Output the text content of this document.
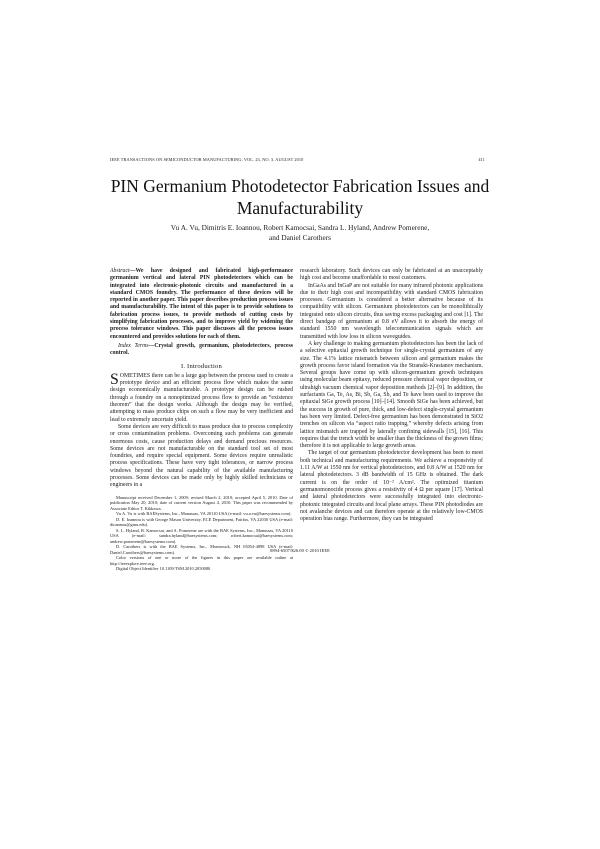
IEEE TRANSACTIONS ON SEMICONDUCTOR MANUFACTURING, VOL. 23, NO. 3, AUGUST 2010	411
PIN Germanium Photodetector Fabrication Issues and Manufacturability
Vu A. Vu, Dimitris E. Ioannou, Robert Kamocsai, Sandra L. Hyland, Andrew Pomerene,
and Daniel Carothers

Abstract—We have designed and fabricated high-performance germanium vertical and lateral PIN photodetectors which can be integrated into electronic-photonic circuits and manufactured in a standard CMOS foundry. The performance of these devices will be reported in another paper. This paper describes production process issues and manufacturability. The intent of this paper is to provide solutions to fabrication process issues, to provide methods of cutting costs by simplifying fabrication processes, and to improve yield by widening the process tolerance windows. This paper discusses all the process issues encountered and provides solutions for each of them.

Index Terms—Crystal growth, germanium, photodetectors, process control.

I. Introduction

SOMETIMES there can be a large gap between the process used to create a prototype device and an efficient process flow which makes the same design economically manufacturable. A prototype design can be rushed through a foundry on a nonoptimized process flow to provide an “existence theorem” that the design works. Although the design may be verified, attempting to mass produce chips on such a flow may be very inefficient and lead to extremely uncertain yield.

Some devices are very difficult to mass produce due to process complexity or cross contamination problems. Overcoming such problems can generate enormous costs, cause production delays and demand precious resources. Some devices are not manufacturable on the standard tool set of most foundries, and require special equipment. Some devices require unrealistic process specifications. These have very tight tolerances, or narrow process windows beyond the natural capability of the available manufacturing processes. Some devices can be made only by highly skilled technicians or engineers in a

Manuscript received December 1, 2009; revised March 2, 2010; accepted April 5, 2010. Date of publication May 20, 2010; date of current version August 4, 2010. This paper was recommended by Associate Editor T. Kikkawa.

Vu A. Vu is with BAESystems, Inc., Manassas, VA 20110 USA (e-mail: vu.a.vu@baesystems.com).

D. E. Ioannou is with George Mason University, ECE Department, Fairfax, VA 22030 USA (e-mail: dioannou@gmu.edu).

S. L. Hyland, R. Kamocsai, and A. Pomerene are with the BAE Systems, Inc., Manassas, VA 20110 USA (e-mail: sandra.hyland@baesystems.com; robert.kamocsai@baesystems.com; andrew.pomerene@baesystems.com).

D. Carothers is with the BAE Systems, Inc., Montrouck, NH 03054-4898 USA (e-mail: Daniel.Carothers@baesystems.com).

Color versions of one or more of the figures in this paper are available online at http://ieeexplore.ieee.org.

Digital Object Identifier 10.1109/TSM.2010.2050080

research laboratory. Such devices can only be fabricated at an unacceptably high cost and become unaffordable to most customers.

InGaAs and InGaP are not suitable for many infrared photonic applications due to their high cost and incompatibility with standard CMOS fabrication processes. Germanium is considered a better alternative because of its compatibility with silicon. Germanium photodetectors can be monolithically integrated onto silicon circuits, thus saving excess packaging and cost [1]. The direct bandgap of germanium at 0.8 eV allows it to absorb the energy of standard 1550 nm wavelength telecommunication signals which are transmitted with low loss in silicon waveguides.

A key challenge to making germanium photodetectors has been the lack of a selective epitaxial growth technique for single-crystal germanium of any size. The 4.1% lattice mismatch between silicon and germanium makes the growth process favor island formation via the Stranski-Krastanov mechanism. Several groups have come up with silicon-germanium growth techniques using molecular beam epitaxy, reduced pressure chemical vapor deposition, or ultrahigh vacuum chemical vapor deposition methods [2]–[9]. In addition, the surfactants Ga, Te, As, Bi, Sb, Ga, Sb, and Te have been used to improve the epitaxial SiGe growth process [10]–[14]. Smooth SiGe has been achieved, but the success in growth of pure, thick, and low-defect single-crystal germanium has been very limited. Defect-free germanium has been demonstrated in SiO2 trenches on silicon via “aspect ratio trapping,” whereby defects arising from lattice mismatch are trapped by laterally confining sidewalls [15], [16]. This requires that the trench width be smaller than the thickness of the grown films; therefore it is not applicable to large growth areas.

The target of our germanium photodetector development has been to meet both technical and manufacturing requirements. We achieve a responsivity of 1.11 A/W at 1550 nm for vertical photodetectors, and 0.8 A/W at 1520 nm for lateral photodetectors. 3 dB bandwidth of 15 GHz is obtained. The dark current is on the order of 10⁻² A/cm². The optimized titanium germanomonocide process gives a resistivity of 4 Ω per square [17]. Vertical and lateral photodetectors were successfully integrated into electronic-photonic integrated circuits and focal plane arrays. These PIN photodiodes are not avalanche devices and can therefore operate at the relatively low-CMOS operation bias range. Furthermore, they can be integrated

0894-6507/$26.00 © 2010 IEEE
